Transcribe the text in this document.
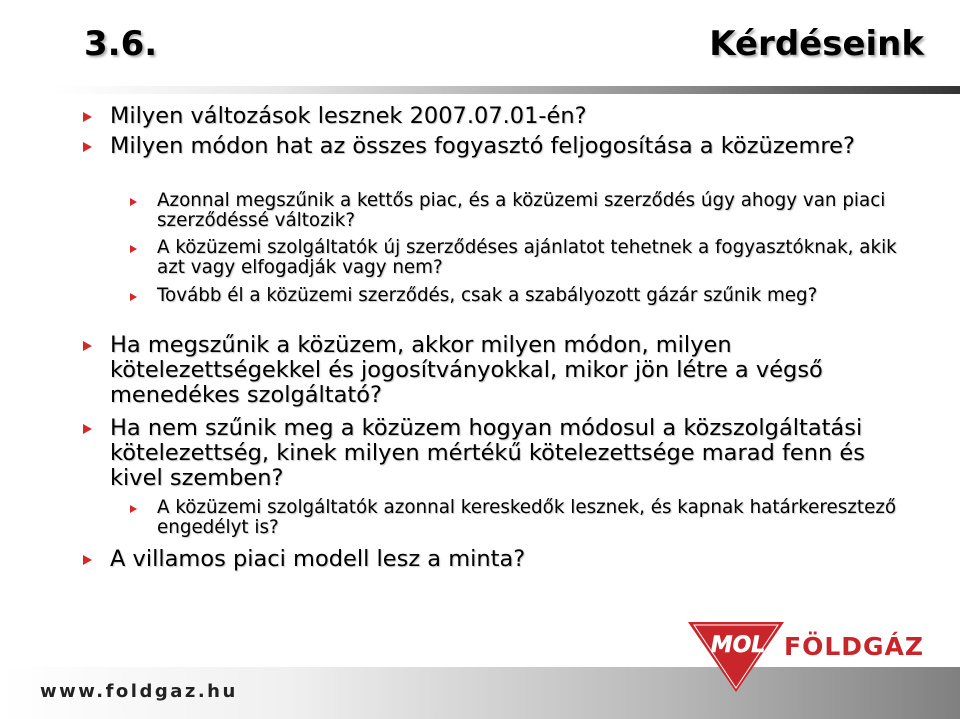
3.6.	Kérdéseink
Milyen változások lesznek 2007.07.01-én?
Milyen módon hat az összes fogyasztó feljogosítása a közüzemre?
Azonnal megszűnik a kettős piac, és a közüzemi szerződés úgy ahogy van piaci szerződéssé változik?
A közüzemi szolgáltatók új szerződéses ajánlatot tehetnek a fogyasztóknak, akik azt vagy elfogadják vagy nem?
Tovább él a közüzemi szerződés, csak a szabályozott gázár szűnik meg?
Ha megszűnik a közüzem, akkor milyen módon, milyen kötelezettségekkel és jogosítványokkal, mikor jön létre a végső menedékes szolgáltató?
Ha nem szűnik meg a közüzem hogyan módosul a közszolgáltatási kötelezettség, kinek milyen mértékű kötelezettsége marad fenn és kivel szemben?
A közüzemi szolgáltatók azonnal kereskedők lesznek, és kapnak határkeresztező engedélyt is?
A villamos piaci modell lesz a minta?
www.foldgaz.hu
MOL FÖLDGÁZ
